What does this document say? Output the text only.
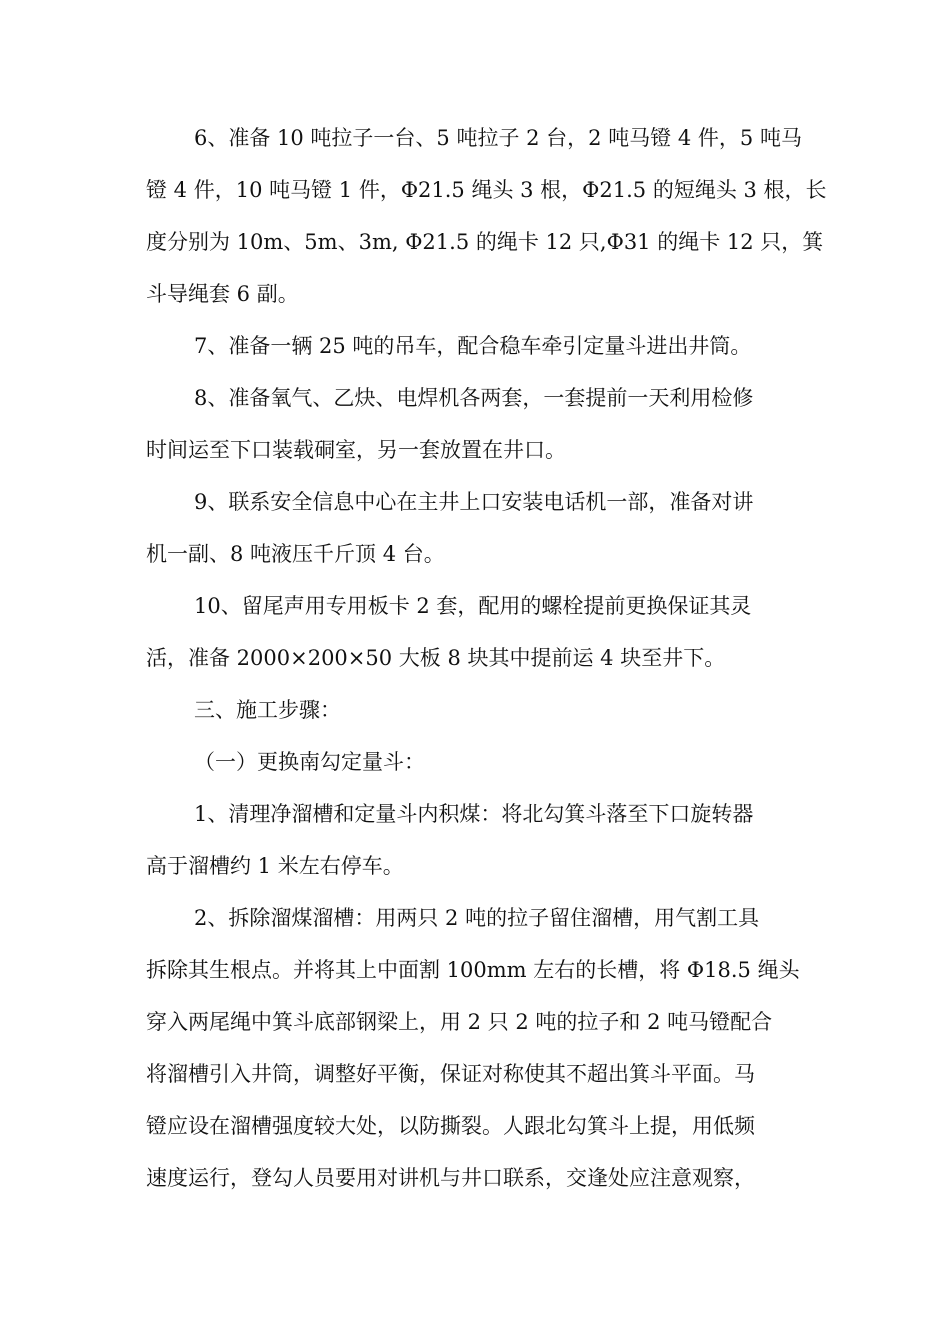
6、准备 10 吨拉子一台、5 吨拉子 2 台，2 吨马镫 4 件，5 吨马
镫 4 件，10 吨马镫 1 件，Φ21.5 绳头 3 根，Φ21.5 的短绳头 3 根，长
度分别为 10m、5m、3m, Φ21.5 的绳卡 12 只,Φ31 的绳卡 12 只，箕
斗导绳套 6 副。
7、准备一辆 25 吨的吊车，配合稳车牵引定量斗进出井筒。
8、准备氧气、乙炔、电焊机各两套，一套提前一天利用检修
时间运至下口装载硐室，另一套放置在井口。
9、联系安全信息中心在主井上口安装电话机一部，准备对讲
机一副、8 吨液压千斤顶 4 台。
10、留尾声用专用板卡 2 套，配用的螺栓提前更换保证其灵
活，准备 2000×200×50 大板 8 块其中提前运 4 块至井下。
三、施工步骤：
（一）更换南勾定量斗：
1、清理净溜槽和定量斗内积煤：将北勾箕斗落至下口旋转器
高于溜槽约 1 米左右停车。
2、拆除溜煤溜槽：用两只 2 吨的拉子留住溜槽，用气割工具
拆除其生根点。并将其上中面割 100mm 左右的长槽，将 Φ18.5 绳头
穿入两尾绳中箕斗底部钢梁上，用 2 只 2 吨的拉子和 2 吨马镫配合
将溜槽引入井筒，调整好平衡，保证对称使其不超出箕斗平面。马
镫应设在溜槽强度较大处，以防撕裂。人跟北勾箕斗上提，用低频
速度运行，登勾人员要用对讲机与井口联系，交逢处应注意观察，
